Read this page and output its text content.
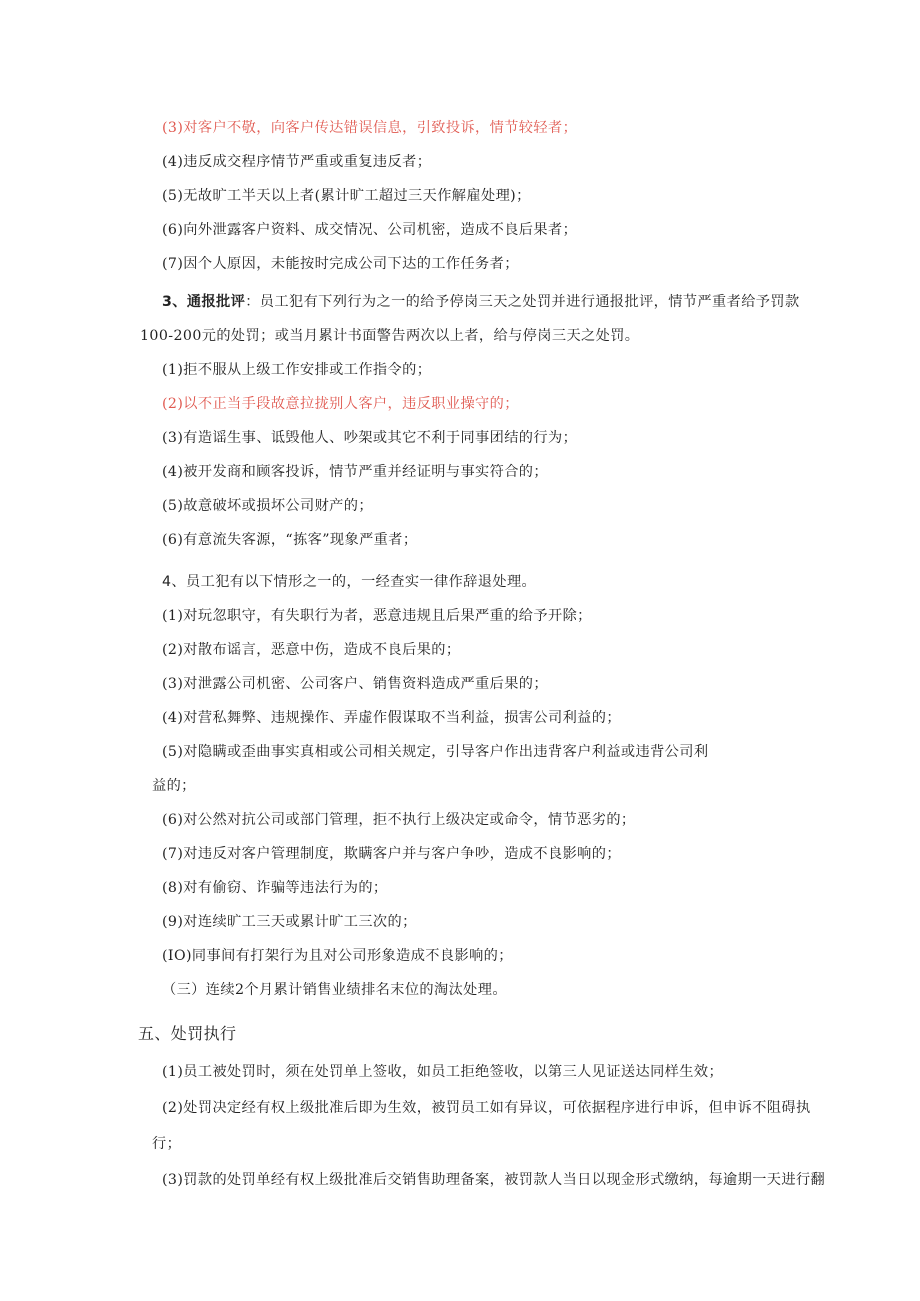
(3)对客户不敬，向客户传达错误信息，引致投诉，情节较轻者；
(4)违反成交程序情节严重或重复违反者；
(5)无故旷工半天以上者(累计旷工超过三天作解雇处理)；
(6)向外泄露客户资料、成交情况、公司机密，造成不良后果者；
(7)因个人原因，未能按时完成公司下达的工作任务者；
3、通报批评：员工犯有下列行为之一的给予停岗三天之处罚并进行通报批评，情节严重者给予罚款
100-200元的处罚；或当月累计书面警告两次以上者，给与停岗三天之处罚。
(1)拒不服从上级工作安排或工作指令的；
(2)以不正当手段故意拉拢别人客户，违反职业操守的；
(3)有造谣生事、诋毁他人、吵架或其它不利于同事团结的行为；
(4)被开发商和顾客投诉，情节严重并经证明与事实符合的；
(5)故意破坏或损坏公司财产的；
(6)有意流失客源，“拣客”现象严重者；
4、员工犯有以下情形之一的，一经查实一律作辞退处理。
(1)对玩忽职守，有失职行为者，恶意违规且后果严重的给予开除；
(2)对散布谣言，恶意中伤，造成不良后果的；
(3)对泄露公司机密、公司客户、销售资料造成严重后果的；
(4)对营私舞弊、违规操作、弄虚作假谋取不当利益，损害公司利益的；
(5)对隐瞒或歪曲事实真相或公司相关规定，引导客户作出违背客户利益或违背公司利
益的；
(6)对公然对抗公司或部门管理，拒不执行上级决定或命令，情节恶劣的；
(7)对违反对客户管理制度，欺瞒客户并与客户争吵，造成不良影响的；
(8)对有偷窃、诈骗等违法行为的；
(9)对连续旷工三天或累计旷工三次的；
(IO)同事间有打架行为且对公司形象造成不良影响的；
（三）连续2个月累计销售业绩排名末位的淘汰处理。
五、处罚执行
(1)员工被处罚时，须在处罚单上签收，如员工拒绝签收，以第三人见证送达同样生效；
(2)处罚决定经有权上级批准后即为生效，被罚员工如有异议，可依据程序进行申诉，但申诉不阻碍执
行；
(3)罚款的处罚单经有权上级批准后交销售助理备案，被罚款人当日以现金形式缴纳，每逾期一天进行翻
